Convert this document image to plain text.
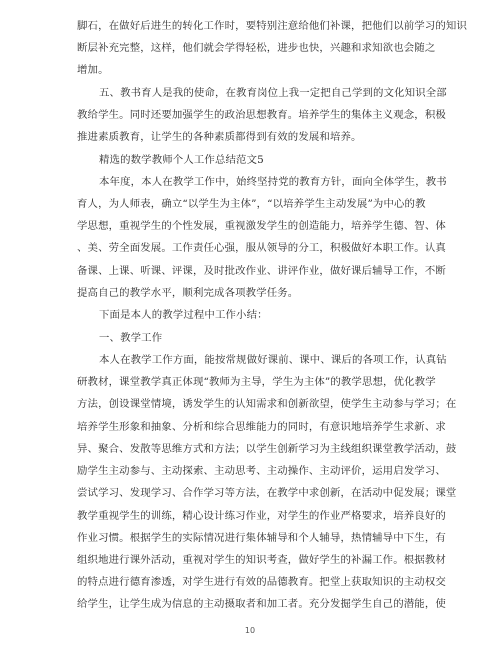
脚石，在做好后进生的转化工作时，要特别注意给他们补课，把他们以前学习的知识
断层补充完整，这样，他们就会学得轻松，进步也快，兴趣和求知欲也会随之
增加。
五、教书育人是我的使命，在教育岗位上我一定把自己学到的文化知识全部
教给学生。同时还要加强学生的政治思想教育。培养学生的集体主义观念，积极
推进素质教育，让学生的各种素质都得到有效的发展和培养。
精选的数学教师个人工作总结范文5
本年度，本人在教学工作中，始终坚持党的教育方针，面向全体学生，教书
育人，为人师表，确立“以学生为主体”，“以培养学生主动发展”为中心的教
学思想，重视学生的个性发展，重视激发学生的创造能力，培养学生德、智、体
、美、劳全面发展。工作责任心强，服从领导的分工，积极做好本职工作。认真
备课、上课、听课、评课，及时批改作业、讲评作业，做好课后辅导工作，不断
提高自己的教学水平，顺利完成各项教学任务。
下面是本人的教学过程中工作小结：
一、教学工作
本人在教学工作方面，能按常规做好课前、课中、课后的各项工作，认真钻
研教材，课堂教学真正体现“教师为主导，学生为主体”的教学思想，优化教学
方法，创设课堂情境，诱发学生的认知需求和创新欲望，使学生主动参与学习；在
培养学生形象和抽象、分析和综合思维能力的同时，有意识地培养学生求新、求
异、聚合、发散等思维方式和方法；以学生创新学习为主线组织课堂教学活动，鼓
励学生主动参与、主动探索、主动思考、主动操作、主动评价，运用启发学习、
尝试学习、发现学习、合作学习等方法，在教学中求创新，在活动中促发展；课堂
教学重视学生的训练，精心设计练习作业，对学生的作业严格要求，培养良好的
作业习惯。根据学生的实际情况进行集体辅导和个人辅导，热情辅导中下生，有
组织地进行课外活动，重视对学生的知识考查，做好学生的补漏工作。根据教材
的特点进行德育渗透，对学生进行有效的品德教育。把堂上获取知识的主动权交
给学生，让学生成为信息的主动摄取者和加工者。充分发掘学生自己的潜能，使
10
